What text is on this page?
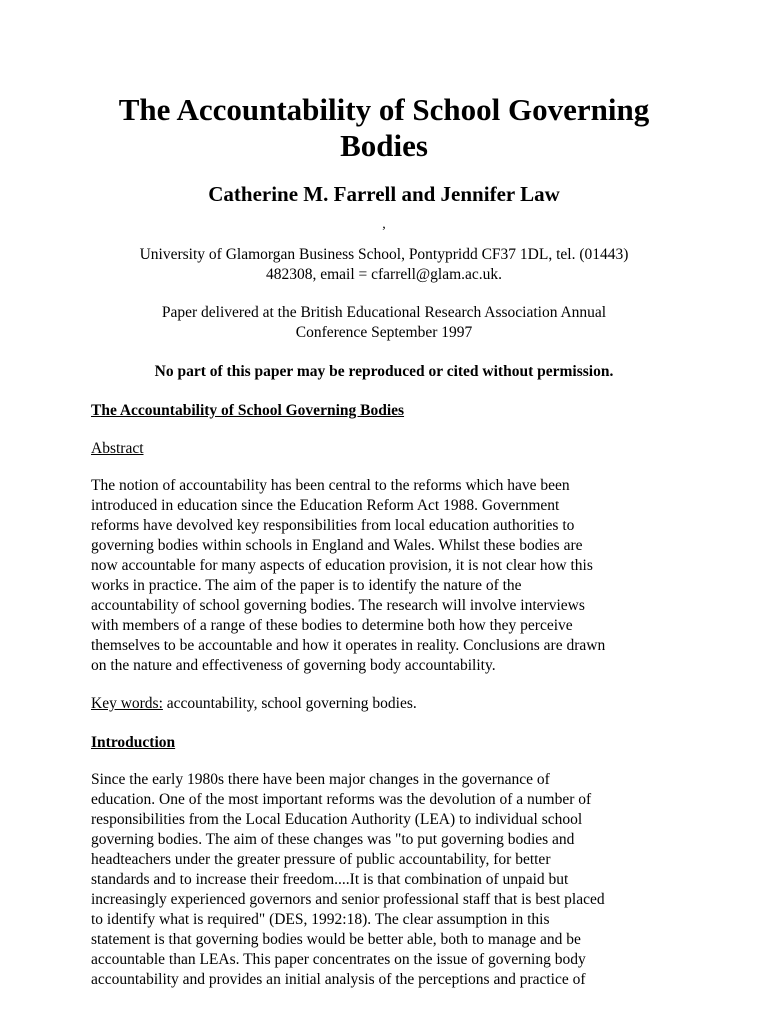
The Accountability of School Governing
Bodies
Catherine M. Farrell and Jennifer Law

,

University of Glamorgan Business School, Pontypridd CF37 1DL, tel. (01443)
482308, email = cfarrell@glam.ac.uk.

Paper delivered at the British Educational Research Association Annual
Conference September 1997

No part of this paper may be reproduced or cited without permission.

The Accountability of School Governing Bodies

Abstract

The notion of accountability has been central to the reforms which have been
introduced in education since the Education Reform Act 1988. Government
reforms have devolved key responsibilities from local education authorities to
governing bodies within schools in England and Wales. Whilst these bodies are
now accountable for many aspects of education provision, it is not clear how this
works in practice. The aim of the paper is to identify the nature of the
accountability of school governing bodies. The research will involve interviews
with members of a range of these bodies to determine both how they perceive
themselves to be accountable and how it operates in reality. Conclusions are drawn
on the nature and effectiveness of governing body accountability.

Key words: accountability, school governing bodies.

Introduction

Since the early 1980s there have been major changes in the governance of
education. One of the most important reforms was the devolution of a number of
responsibilities from the Local Education Authority (LEA) to individual school
governing bodies. The aim of these changes was "to put governing bodies and
headteachers under the greater pressure of public accountability, for better
standards and to increase their freedom....It is that combination of unpaid but
increasingly experienced governors and senior professional staff that is best placed
to identify what is required" (DES, 1992:18). The clear assumption in this
statement is that governing bodies would be better able, both to manage and be
accountable than LEAs. This paper concentrates on the issue of governing body
accountability and provides an initial analysis of the perceptions and practice of
